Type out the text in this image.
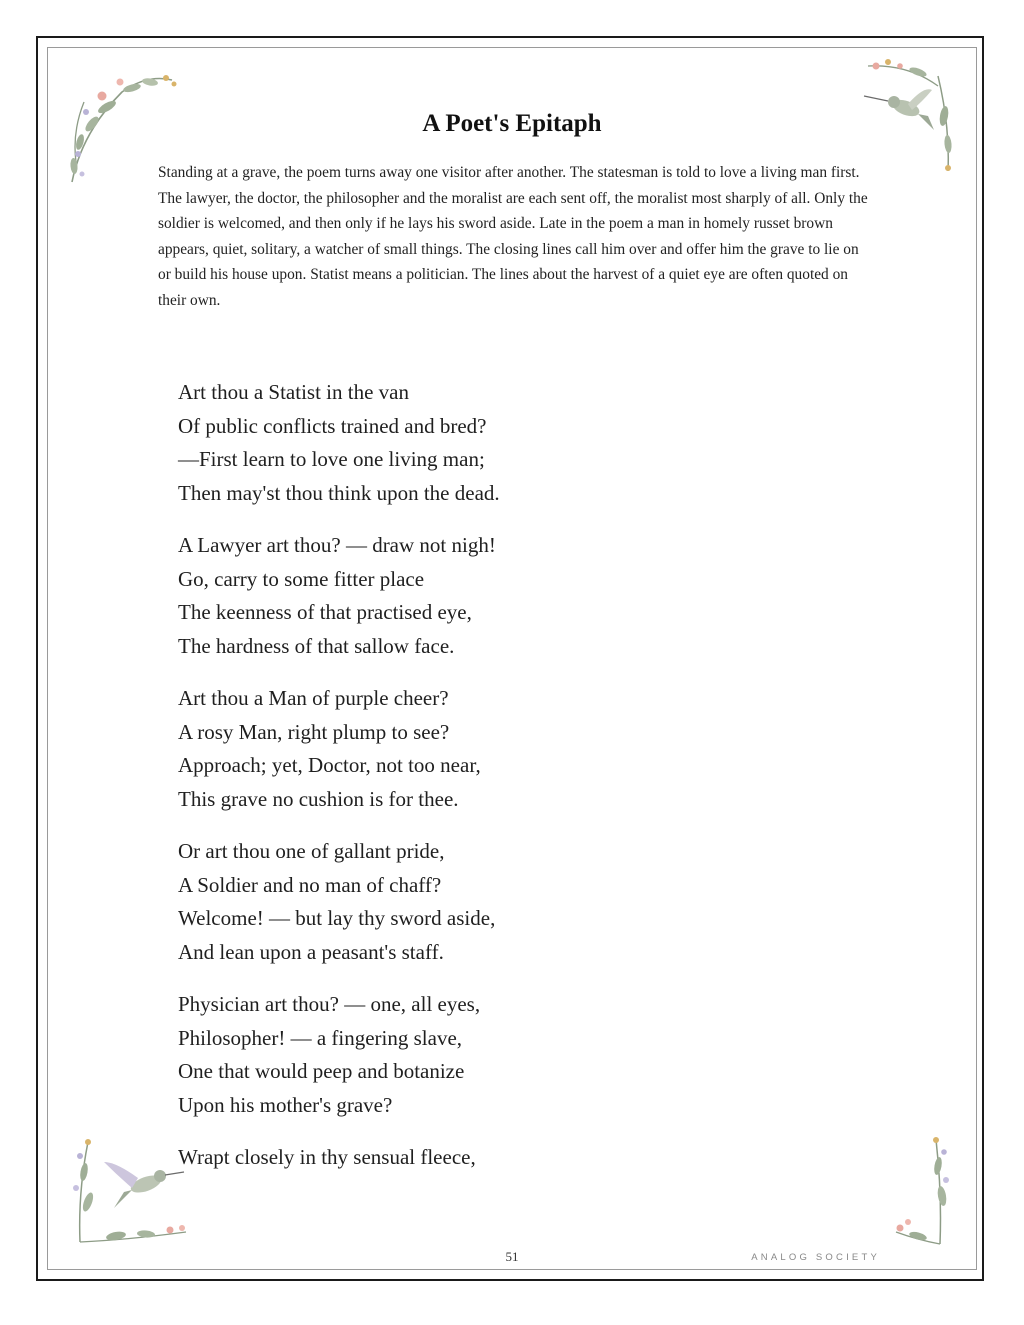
A Poet's Epitaph

Standing at a grave, the poem turns away one visitor after another. The statesman is told to love a living man first. The lawyer, the doctor, the philosopher and the moralist are each sent off, the moralist most sharply of all. Only the soldier is welcomed, and then only if he lays his sword aside. Late in the poem a man in homely russet brown appears, quiet, solitary, a watcher of small things. The closing lines call him over and offer him the grave to lie on or build his house upon. Statist means a politician. The lines about the harvest of a quiet eye are often quoted on their own.

Art thou a Statist in the van
Of public conflicts trained and bred?
—First learn to love one living man;
Then may'st thou think upon the dead.
A Lawyer art thou? — draw not nigh!
Go, carry to some fitter place
The keenness of that practised eye,
The hardness of that sallow face.
Art thou a Man of purple cheer?
A rosy Man, right plump to see?
Approach; yet, Doctor, not too near,
This grave no cushion is for thee.
Or art thou one of gallant pride,
A Soldier and no man of chaff?
Welcome! — but lay thy sword aside,
And lean upon a peasant's staff.
Physician art thou? — one, all eyes,
Philosopher! — a fingering slave,
One that would peep and botanize
Upon his mother's grave?
Wrapt closely in thy sensual fleece,
51	ANALOG SOCIETY
